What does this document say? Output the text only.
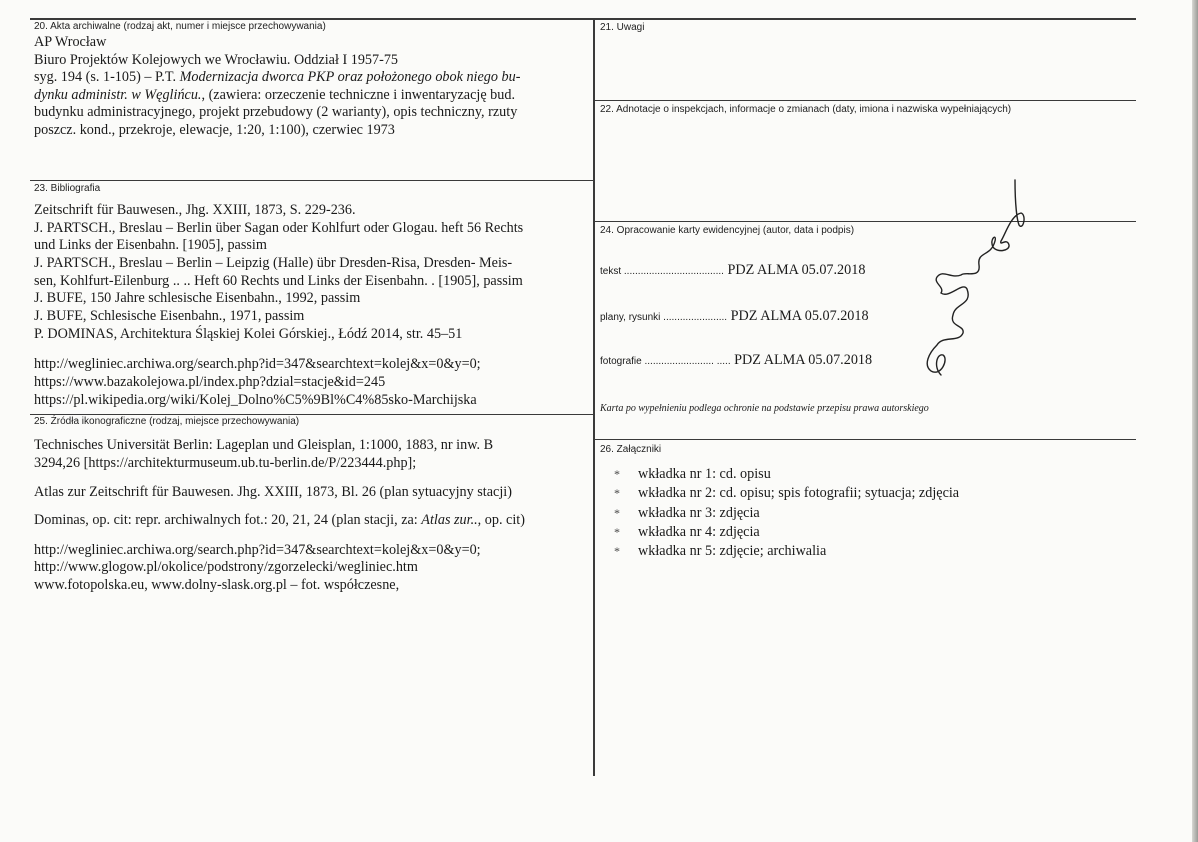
20. Akta archiwalne (rodzaj akt, numer i miejsce przechowywania)
AP Wrocław
Biuro Projektów Kolejowych we Wrocławiu. Oddział I 1957-75
syg. 194 (s. 1-105) – P.T. Modernizacja dworca PKP oraz położonego obok niego bu-
dynku administr. w Węglińcu., (zawiera: orzeczenie techniczne i inwentaryzację bud.
budynku administracyjnego, projekt przebudowy (2 warianty), opis techniczny, rzuty
poszcz. kond., przekroje, elewacje, 1:20, 1:100), czerwiec 1973
21. Uwagi
22. Adnotacje o inspekcjach, informacje o zmianach (daty, imiona i nazwiska wypełniających)
23. Bibliografia
Zeitschrift für Bauwesen., Jhg. XXIII, 1873, S. 229-236.
J. PARTSCH., Breslau – Berlin über Sagan oder Kohlfurt oder Glogau. heft 56 Rechts
und Links der Eisenbahn. [1905], passim
J. PARTSCH., Breslau – Berlin – Leipzig (Halle) übr Dresden-Risa, Dresden- Meis-
sen, Kohlfurt-Eilenburg .. .. Heft 60 Rechts und Links der Eisenbahn. . [1905], passim
J. BUFE, 150 Jahre schlesische Eisenbahn., 1992, passim
J. BUFE, Schlesische Eisenbahn., 1971, passim
P. DOMINAS, Architektura Śląskiej Kolei Górskiej., Łódź 2014, str. 45–51
http://wegliniec.archiwa.org/search.php?id=347&searchtext=kolej&x=0&y=0;
https://www.bazakolejowa.pl/index.php?dzial=stacje&id=245
https://pl.wikipedia.org/wiki/Kolej_Dolno%C5%9Bl%C4%85sko-Marchijska
24. Opracowanie karty ewidencyjnej (autor, data i podpis)
tekst .................................... PDZ ALMA 05.07.2018
plany, rysunki ....................... PDZ ALMA 05.07.2018
fotografie ......................... ..... PDZ ALMA 05.07.2018
Karta po wypełnieniu podlega ochronie na podstawie przepisu prawa autorskiego
25. Źródła ikonograficzne (rodzaj, miejsce przechowywania)
Technisches Universität Berlin: Lageplan und Gleisplan, 1:1000, 1883, nr inw. B
3294,26 [https://architekturmuseum.ub.tu-berlin.de/P/223444.php];
Atlas zur Zeitschrift für Bauwesen. Jhg. XXIII, 1873, Bl. 26 (plan sytuacyjny stacji)
Dominas, op. cit: repr. archiwalnych fot.: 20, 21, 24 (plan stacji, za: Atlas zur.., op. cit)
http://wegliniec.archiwa.org/search.php?id=347&searchtext=kolej&x=0&y=0;
http://www.glogow.pl/okolice/podstrony/zgorzelecki/wegliniec.htm
www.fotopolska.eu, www.dolny-slask.org.pl – fot. współczesne,
26. Załączniki
* wkładka nr 1: cd. opisu
* wkładka nr 2: cd. opisu; spis fotografii; sytuacja; zdjęcia
* wkładka nr 3: zdjęcia
* wkładka nr 4: zdjęcia
* wkładka nr 5: zdjęcie; archiwalia
